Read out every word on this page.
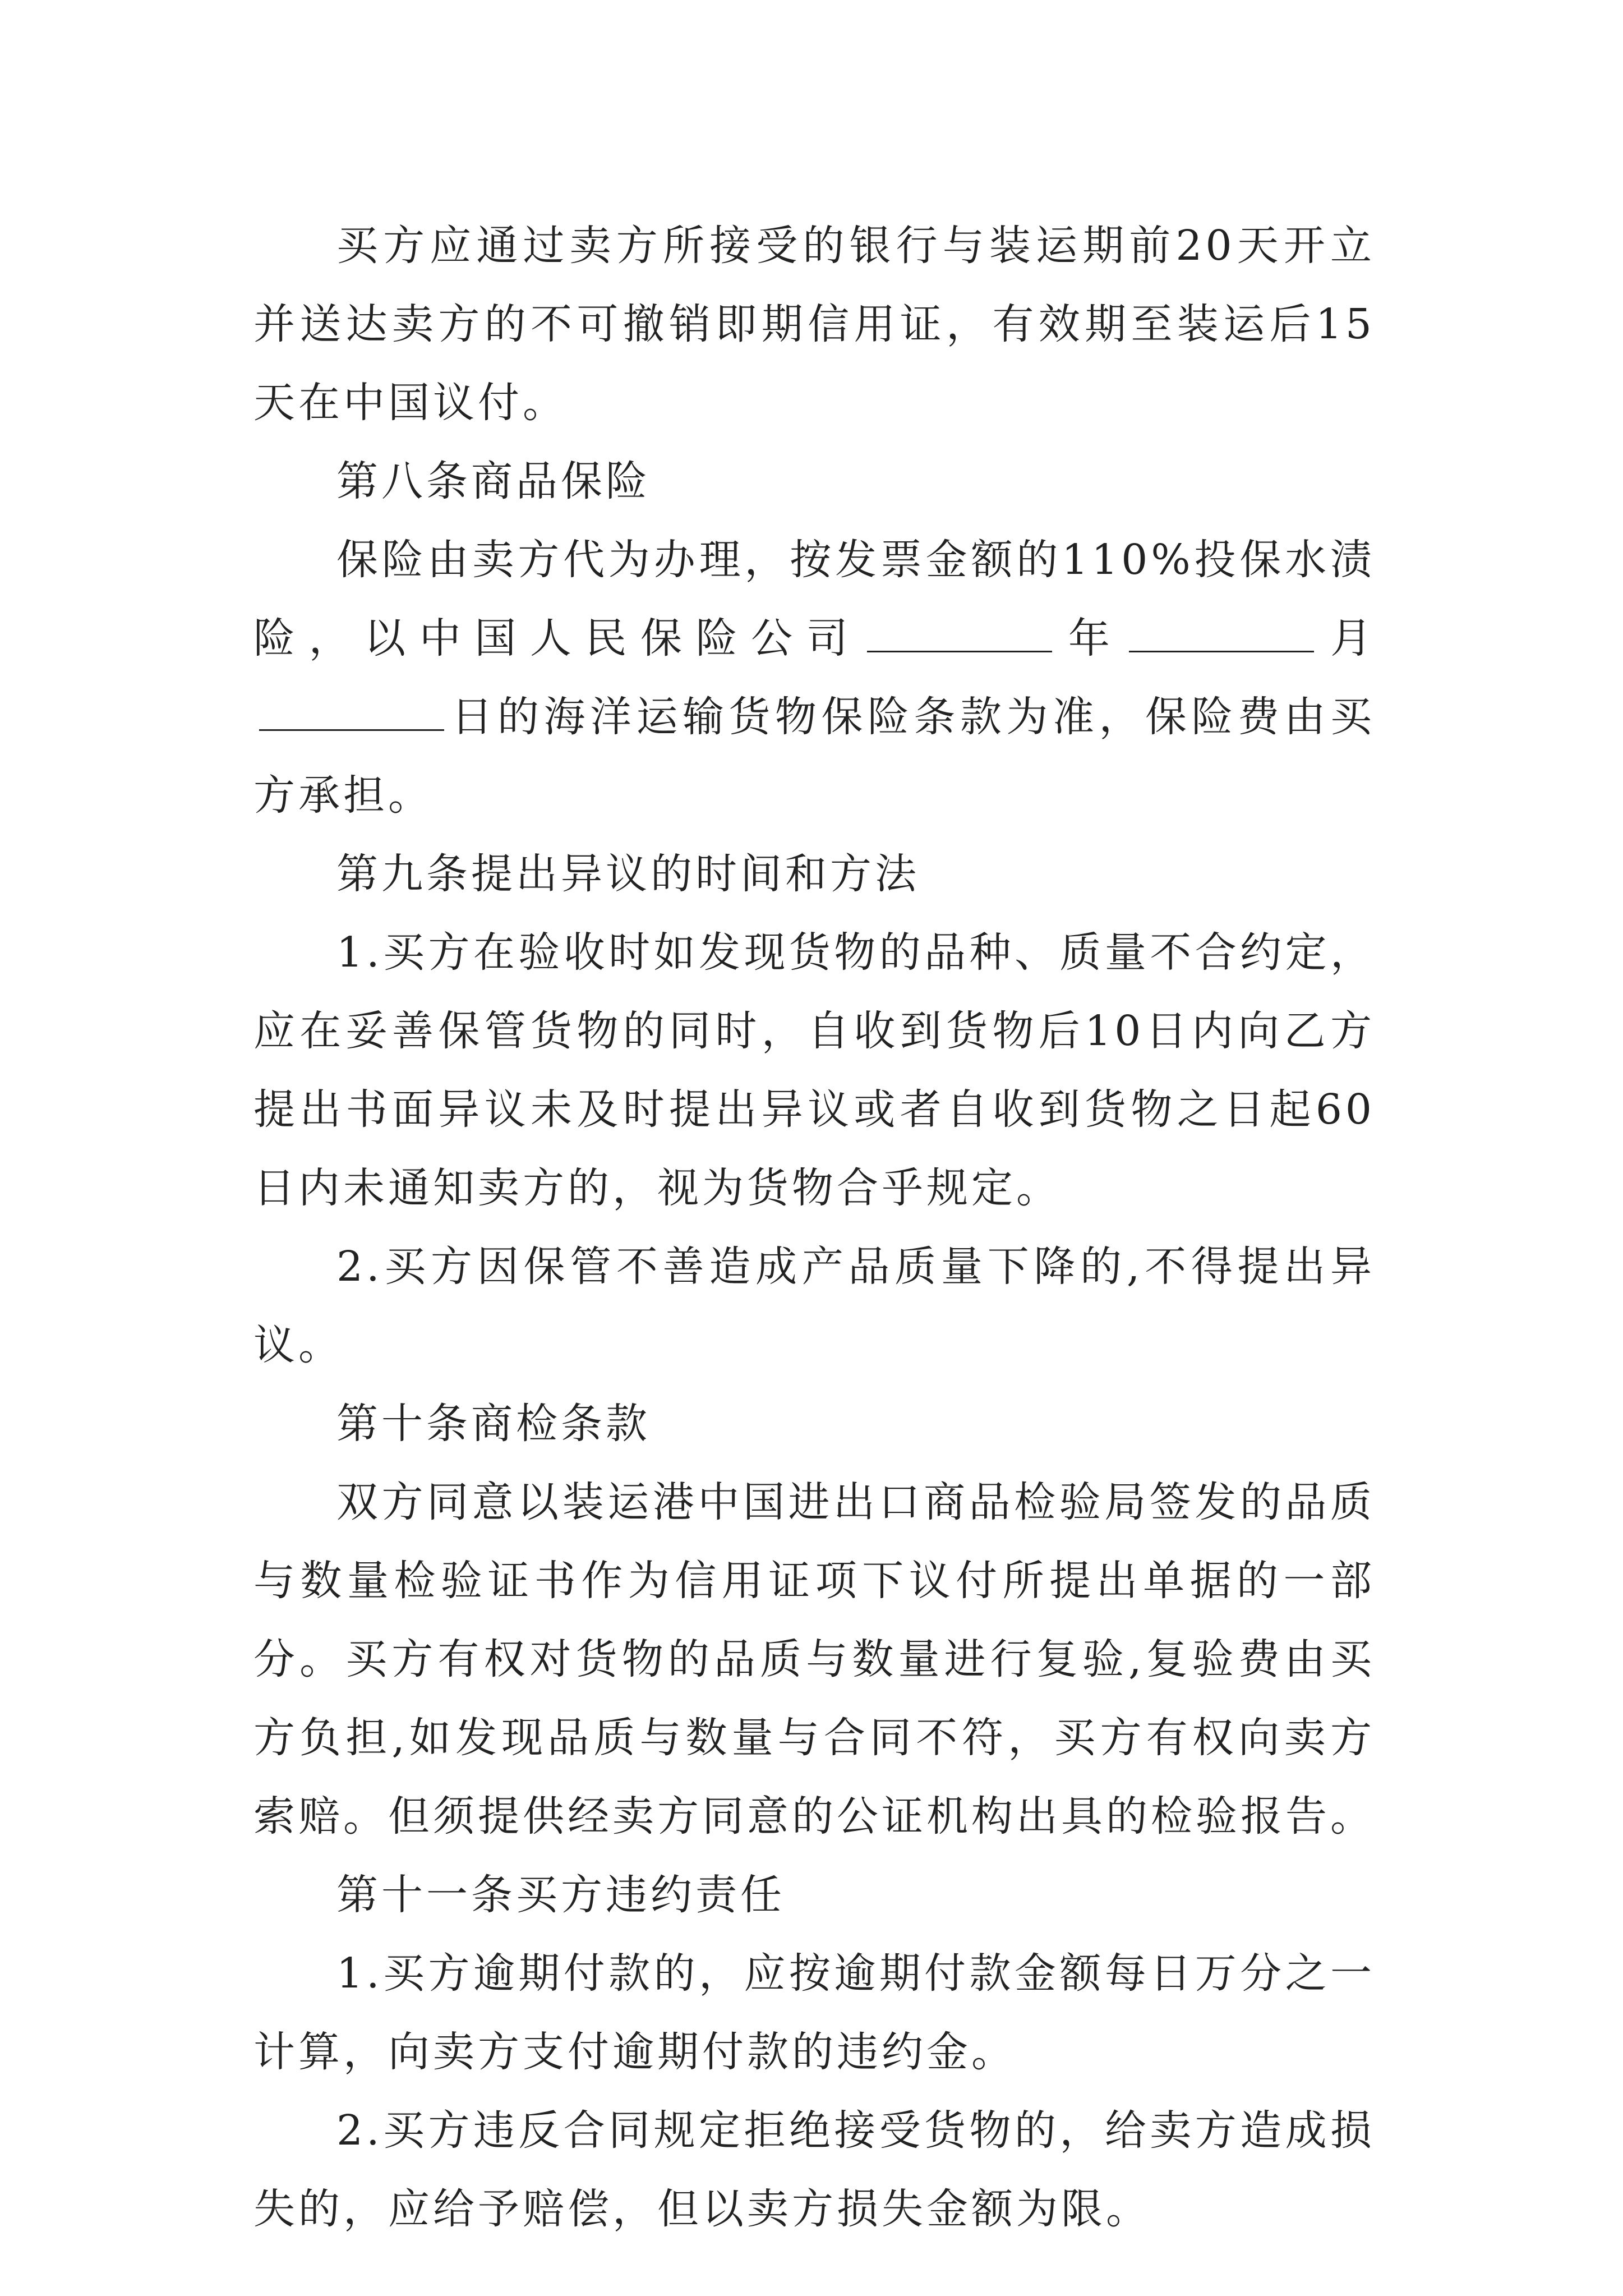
买方应通过卖方所接受的银行与装运期前20天开立并送达卖方的不可撤销即期信用证，有效期至装运后15天在中国议付。

第八条商品保险

保险由卖方代为办理，按发票金额的110%投保水渍险，以中国人民保险公司	年	月日的海洋运输货物保险条款为准，保险费由买方承担。

第九条提出异议的时间和方法

1.买方在验收时如发现货物的品种、质量不合约定，应在妥善保管货物的同时，自收到货物后10日内向乙方提出书面异议未及时提出异议或者自收到货物之日起60日内未通知卖方的，视为货物合乎规定。

2.买方因保管不善造成产品质量下降的,不得提出异议。

第十条商检条款

双方同意以装运港中国进出口商品检验局签发的品质与数量检验证书作为信用证项下议付所提出单据的一部分。买方有权对货物的品质与数量进行复验,复验费由买方负担,如发现品质与数量与合同不符，买方有权向卖方索赔。但须提供经卖方同意的公证机构出具的检验报告。

第十一条买方违约责任

1.买方逾期付款的，应按逾期付款金额每日万分之一计算，向卖方支付逾期付款的违约金。

2.买方违反合同规定拒绝接受货物的，给卖方造成损失的，应给予赔偿，但以卖方损失金额为限。
